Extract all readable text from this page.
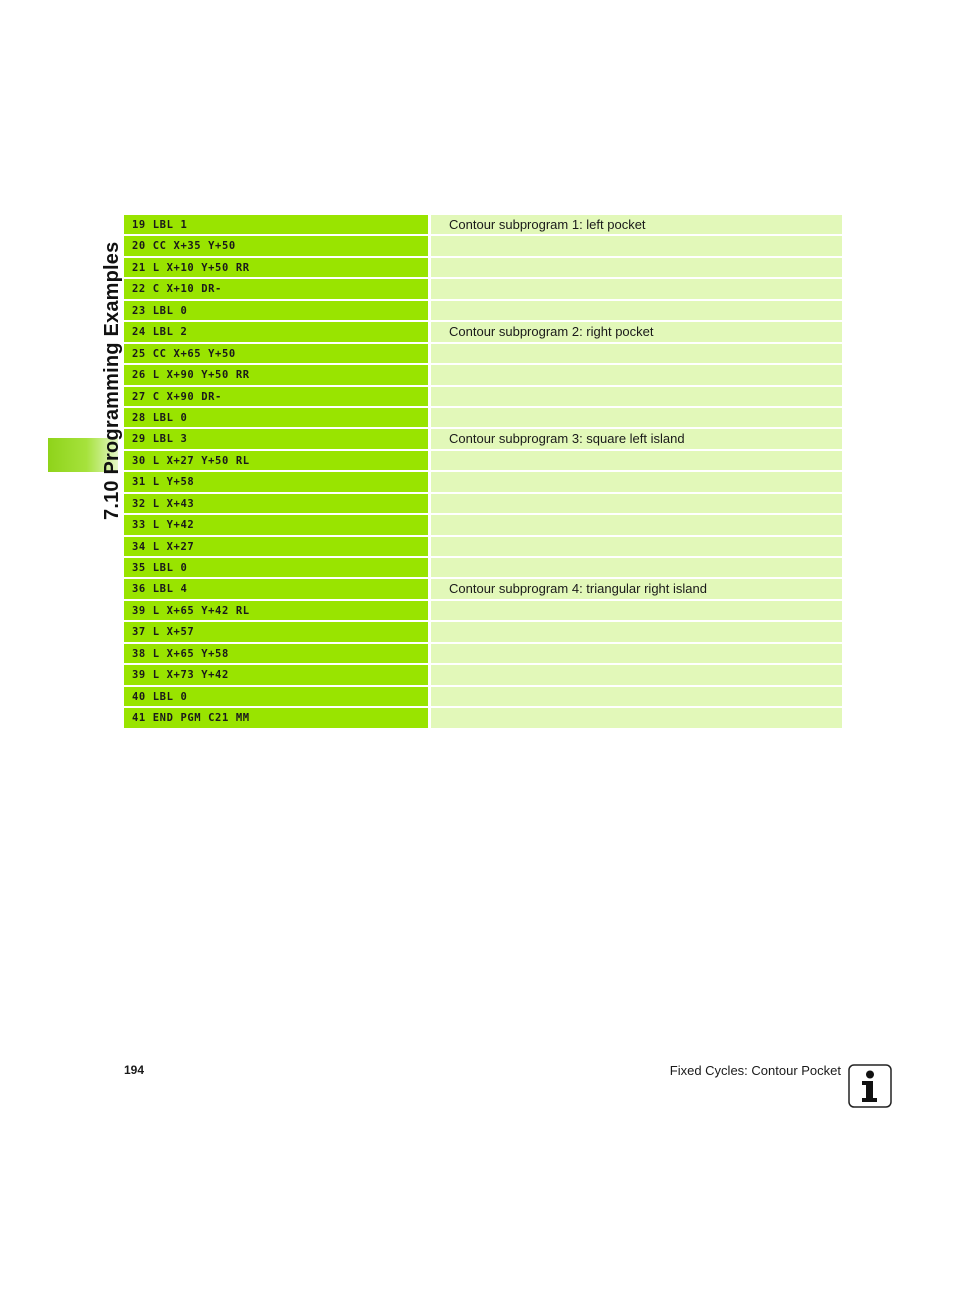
7.10 Programming Examples
19 LBL 1	Contour subprogram 1: left pocket
20 CC X+35 Y+50
21 L X+10 Y+50 RR
22 C X+10 DR-
23 LBL 0
24 LBL 2	Contour subprogram 2: right pocket
25 CC X+65 Y+50
26 L X+90 Y+50 RR
27 C X+90 DR-
28 LBL 0
29 LBL 3	Contour subprogram 3: square left island
30 L X+27 Y+50 RL
31 L Y+58
32 L X+43
33 L Y+42
34 L X+27
35 LBL 0
36 LBL 4	Contour subprogram 4: triangular right island
39 L X+65 Y+42 RL
37 L X+57
38 L X+65 Y+58
39 L X+73 Y+42
40 LBL 0
41 END PGM C21 MM
194	Fixed Cycles: Contour Pocket
